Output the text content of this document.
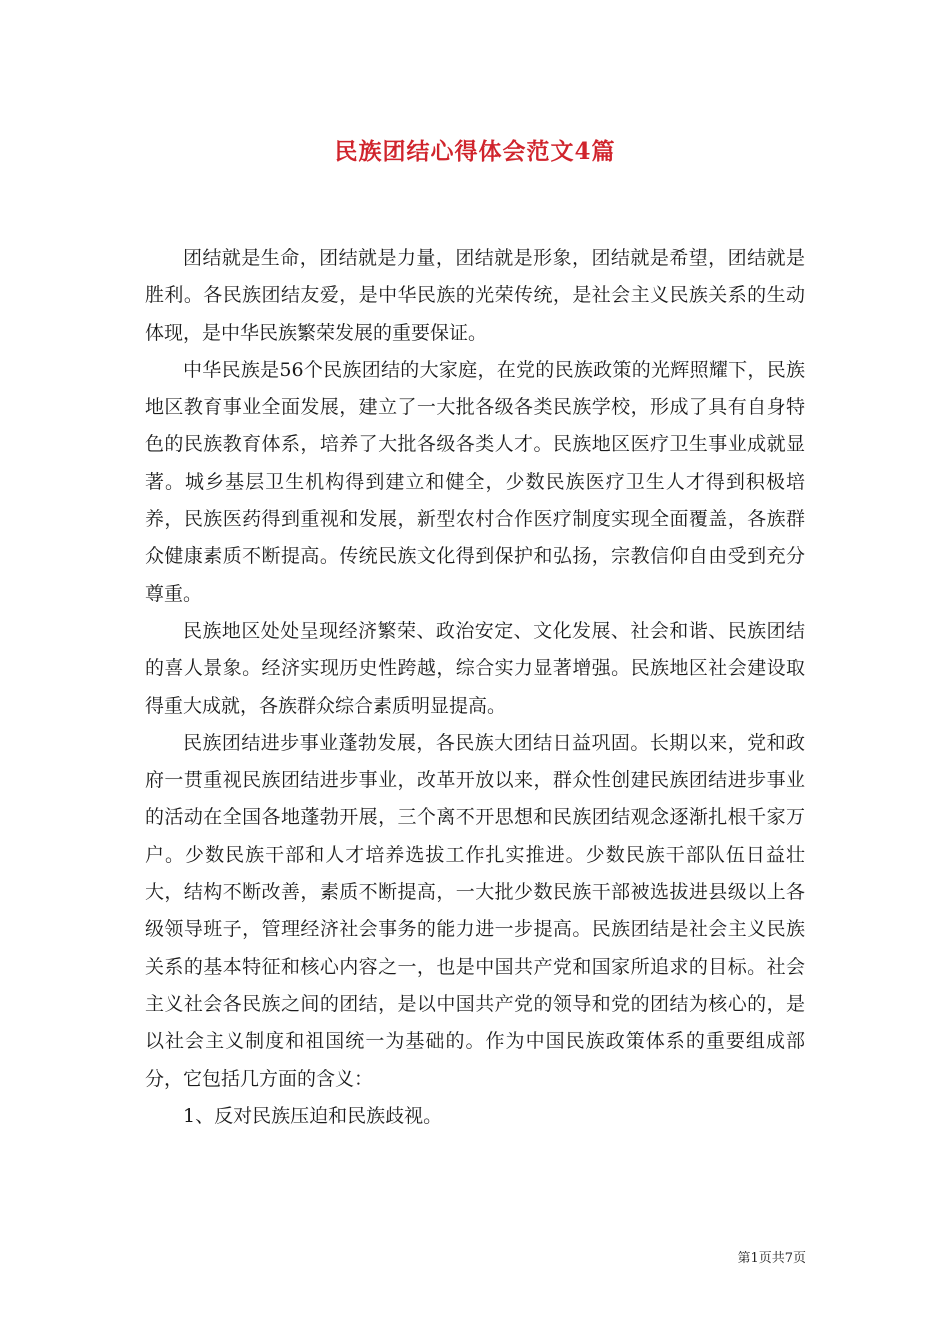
民族团结心得体会范文4篇

团结就是生命，团结就是力量，团结就是形象，团结就是希望，团结就是胜利。各民族团结友爱，是中华民族的光荣传统，是社会主义民族关系的生动体现，是中华民族繁荣发展的重要保证。

中华民族是56个民族团结的大家庭，在党的民族政策的光辉照耀下，民族地区教育事业全面发展，建立了一大批各级各类民族学校，形成了具有自身特色的民族教育体系，培养了大批各级各类人才。民族地区医疗卫生事业成就显著。城乡基层卫生机构得到建立和健全，少数民族医疗卫生人才得到积极培养，民族医药得到重视和发展，新型农村合作医疗制度实现全面覆盖，各族群众健康素质不断提高。传统民族文化得到保护和弘扬，宗教信仰自由受到充分尊重。

民族地区处处呈现经济繁荣、政治安定、文化发展、社会和谐、民族团结的喜人景象。经济实现历史性跨越，综合实力显著增强。民族地区社会建设取得重大成就，各族群众综合素质明显提高。

民族团结进步事业蓬勃发展，各民族大团结日益巩固。长期以来，党和政府一贯重视民族团结进步事业，改革开放以来，群众性创建民族团结进步事业的活动在全国各地蓬勃开展，三个离不开思想和民族团结观念逐渐扎根千家万户。少数民族干部和人才培养选拔工作扎实推进。少数民族干部队伍日益壮大，结构不断改善，素质不断提高，一大批少数民族干部被选拔进县级以上各级领导班子，管理经济社会事务的能力进一步提高。民族团结是社会主义民族关系的基本特征和核心内容之一，也是中国共产党和国家所追求的目标。社会主义社会各民族之间的团结，是以中国共产党的领导和党的团结为核心的，是以社会主义制度和祖国统一为基础的。作为中国民族政策体系的重要组成部分，它包括几方面的含义：

1、反对民族压迫和民族歧视。

第1页共7页
